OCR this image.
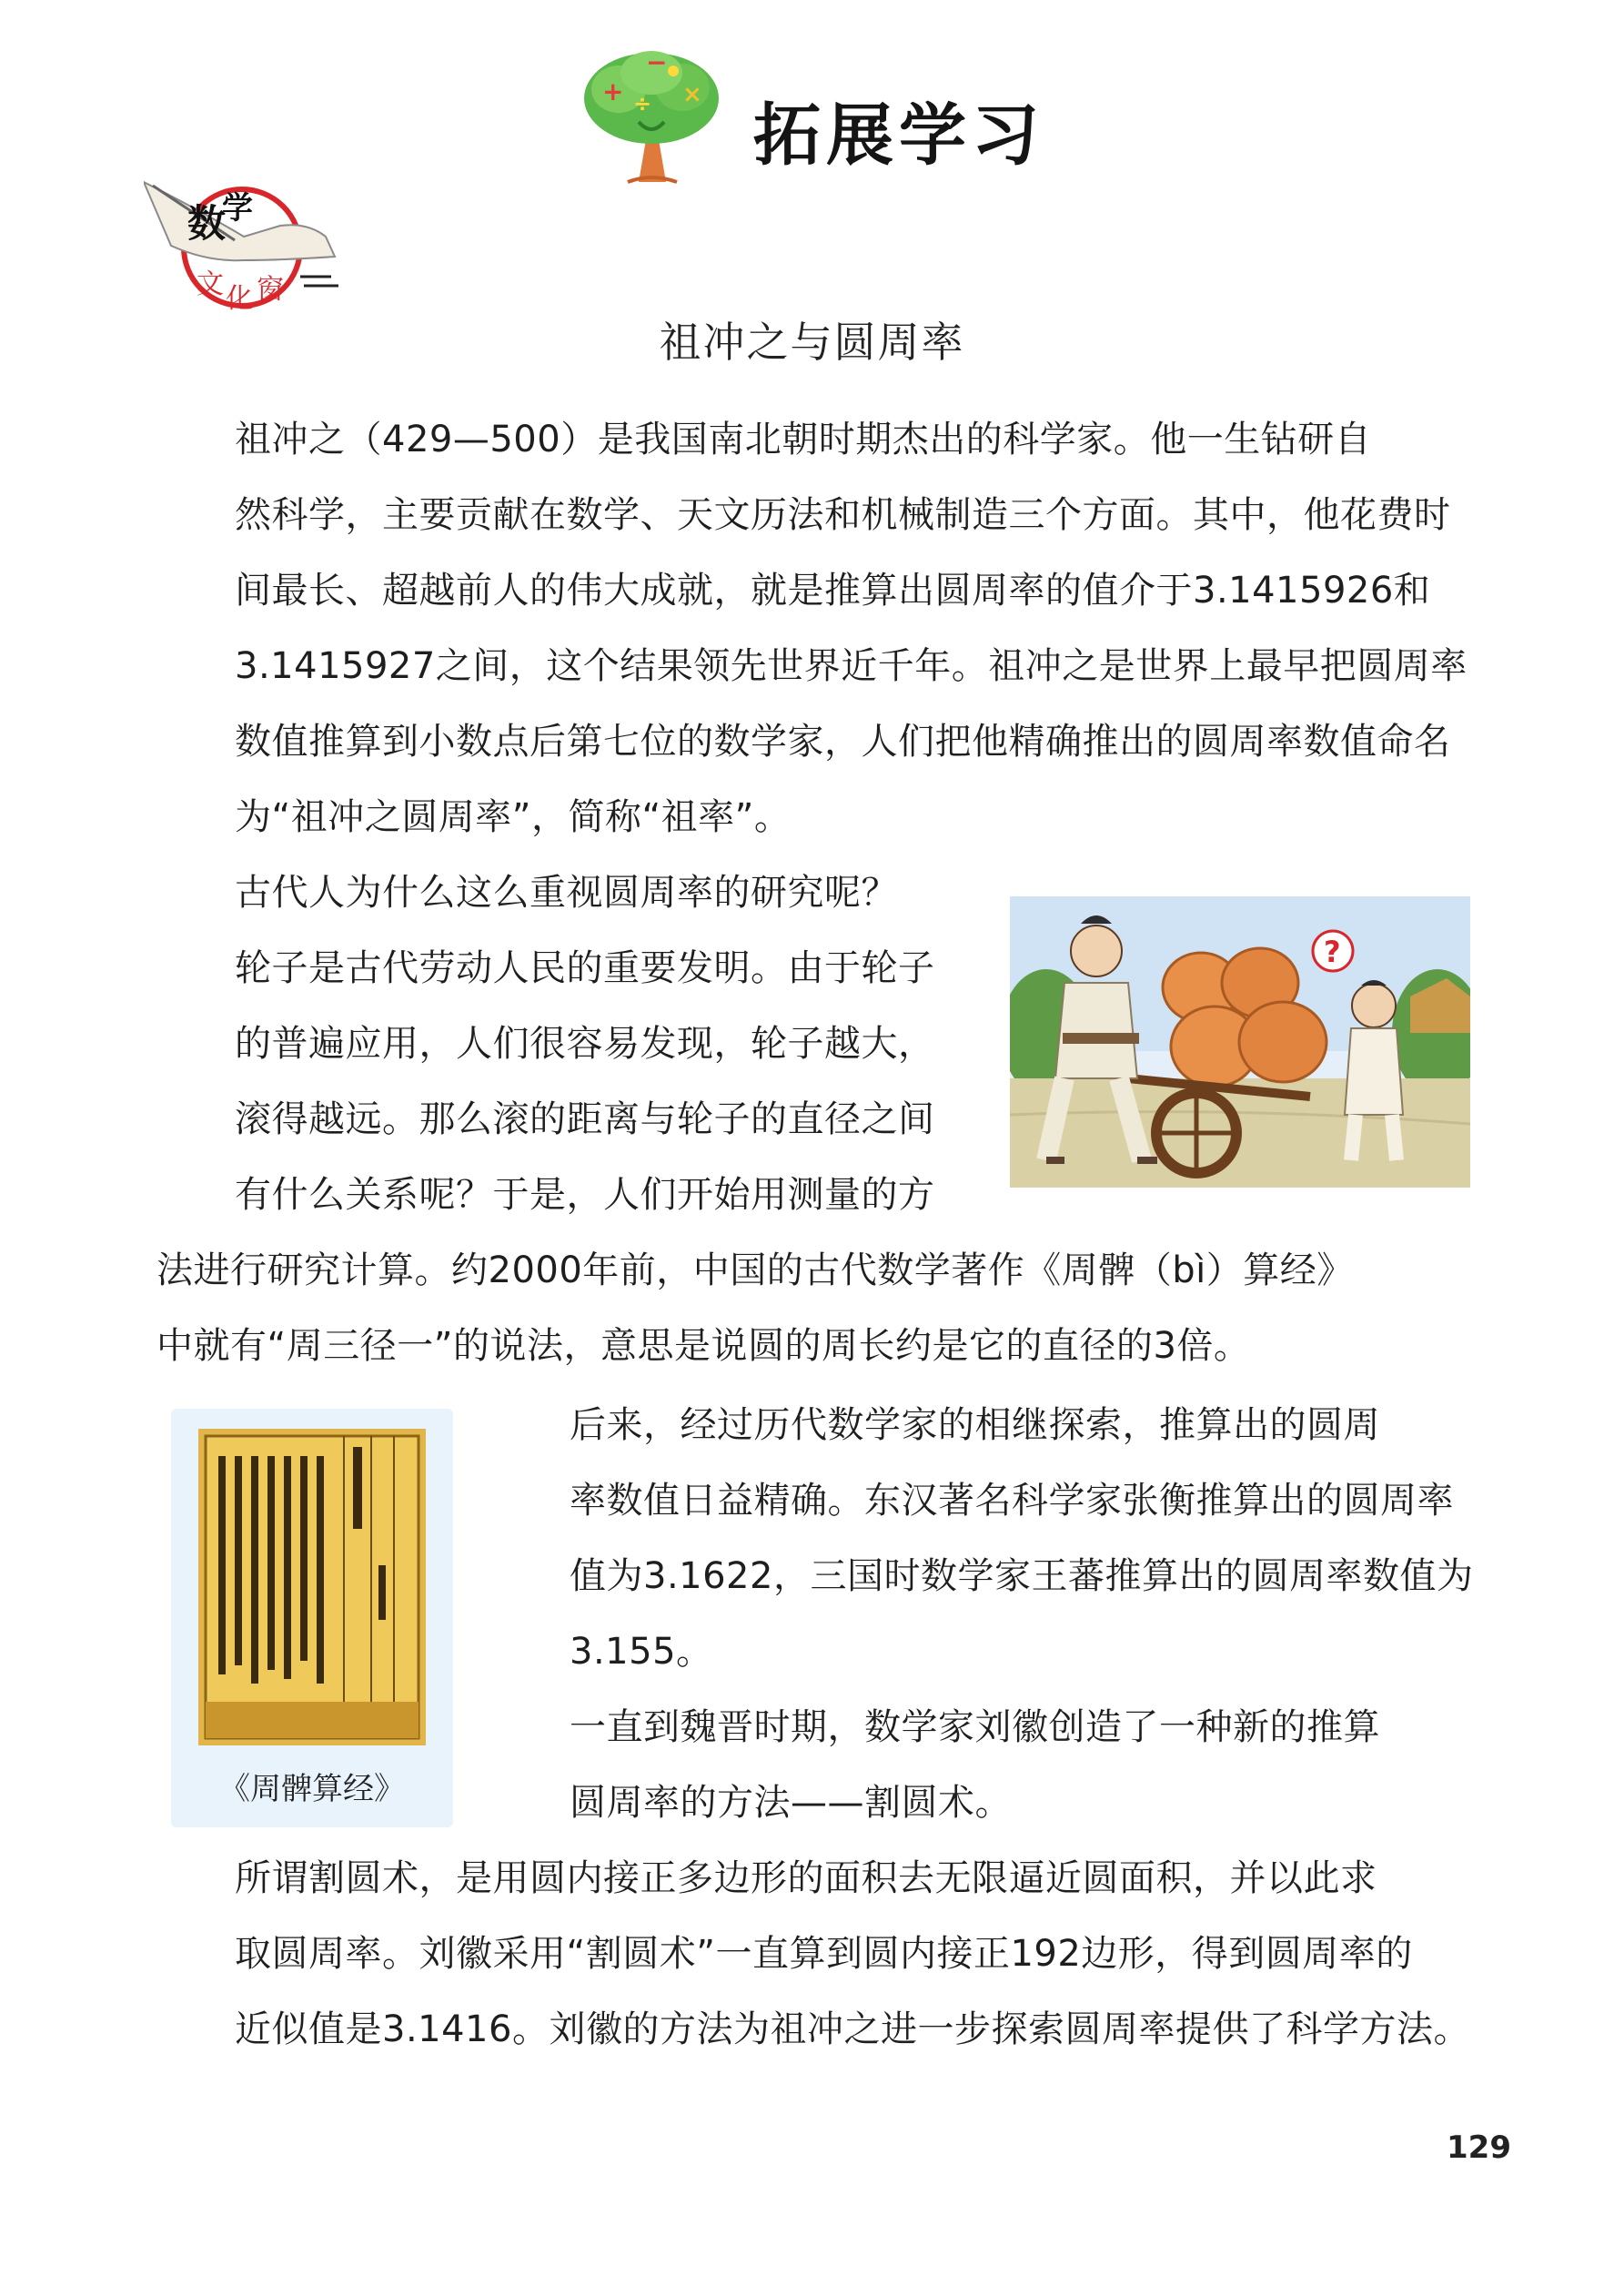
+
−
×
÷ 拓展学习
数
学
文 化 窗
祖冲之与圆周率
祖冲之（429—500）是我国南北朝时期杰出的科学家。他一生钻研自
然科学，主要贡献在数学、天文历法和机械制造三个方面。其中，他花费时
间最长、超越前人的伟大成就，就是推算出圆周率的值介于3.1415926和
3.1415927之间，这个结果领先世界近千年。祖冲之是世界上最早把圆周率
数值推算到小数点后第七位的数学家，人们把他精确推出的圆周率数值命名
为“祖冲之圆周率”，简称“祖率”。
古代人为什么这么重视圆周率的研究呢？
轮子是古代劳动人民的重要发明。由于轮子
的普遍应用，人们很容易发现，轮子越大，
滚得越远。那么滚的距离与轮子的直径之间
有什么关系呢？于是，人们开始用测量的方
法进行研究计算。约2000年前，中国的古代数学著作《周髀（bì）算经》
中就有“周三径一”的说法，意思是说圆的周长约是它的直径的3倍。
?
《周髀算经》
后来，经过历代数学家的相继探索，推算出的圆周
率数值日益精确。东汉著名科学家张衡推算出的圆周率
值为3.1622，三国时数学家王蕃推算出的圆周率数值为
3.155。
一直到魏晋时期，数学家刘徽创造了一种新的推算
圆周率的方法——割圆术。
所谓割圆术，是用圆内接正多边形的面积去无限逼近圆面积，并以此求
取圆周率。刘徽采用“割圆术”一直算到圆内接正192边形，得到圆周率的
近似值是3.1416。刘徽的方法为祖冲之进一步探索圆周率提供了科学方法。
129
